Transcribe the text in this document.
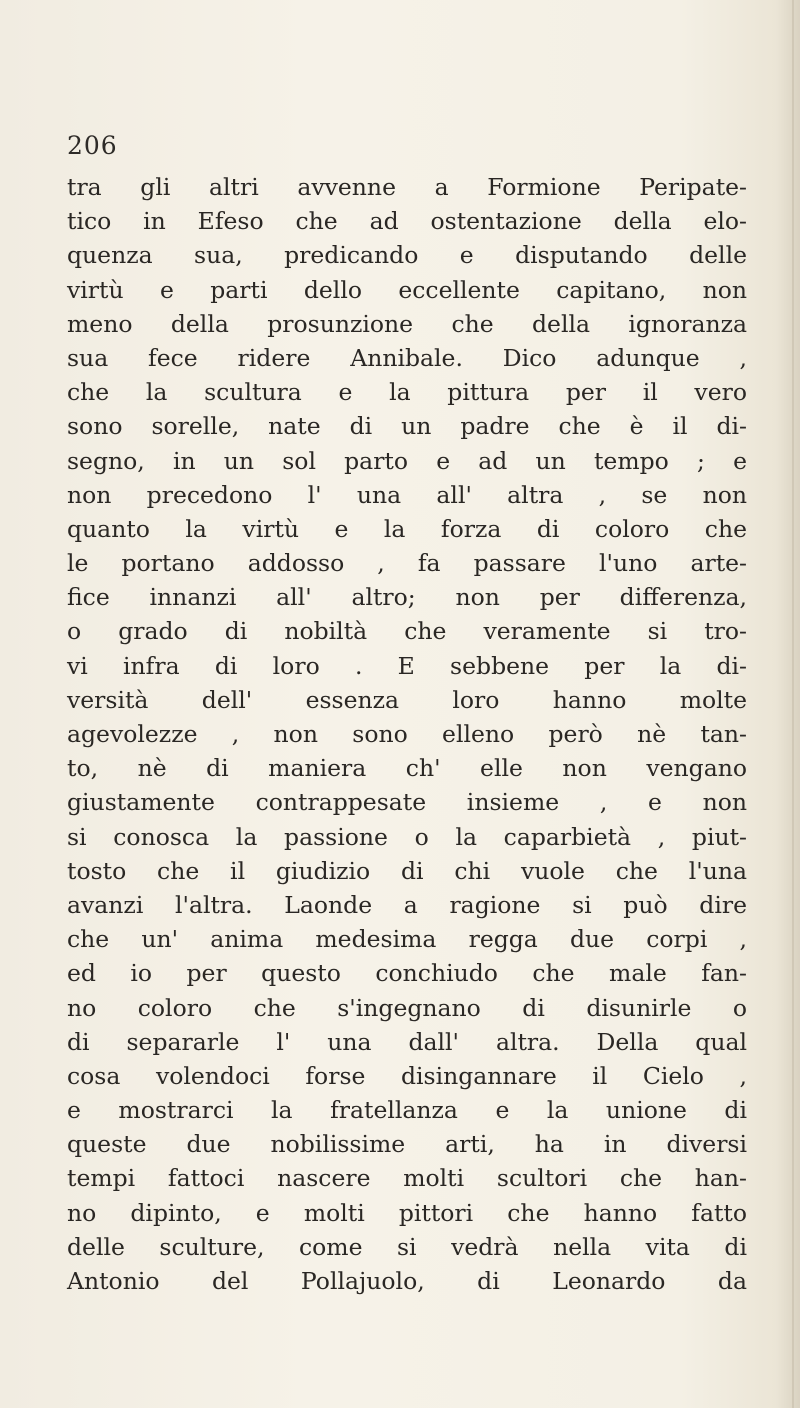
206
tra gli altri avvenne a Formione Peripate-
tico in Efeso che ad ostentazione della elo-
quenza sua, predicando e disputando delle
virtù e parti dello eccellente capitano, non
meno della prosunzione che della ignoranza
sua fece ridere Annibale. Dico adunque ,
che la scultura e la pittura per il vero
sono sorelle, nate di un padre che è il di-
segno, in un sol parto e ad un tempo ; e
non precedono l' una all' altra , se non
quanto la virtù e la forza di coloro che
le portano addosso , fa passare l'uno arte-
fice innanzi all' altro; non per differenza,
o grado di nobiltà che veramente si tro-
vi infra di loro . E sebbene per la di-
versità dell' essenza loro hanno molte
agevolezze , non sono elleno però nè tan-
to, nè di maniera ch' elle non vengano
giustamente contrappesate insieme , e non
si conosca la passione o la caparbietà , piut-
tosto che il giudizio di chi vuole che l'una
avanzi l'altra. Laonde a ragione si può dire
che un' anima medesima regga due corpi ,
ed io per questo conchiudo che male fan-
no coloro che s'ingegnano di disunirle o
di separarle l' una dall' altra. Della qual
cosa volendoci forse disingannare il Cielo ,
e mostrarci la fratellanza e la unione di
queste due nobilissime arti, ha in diversi
tempi fattoci nascere molti scultori che han-
no dipinto, e molti pittori che hanno fatto
delle sculture, come si vedrà nella vita di
Antonio del Pollajuolo, di Leonardo da
